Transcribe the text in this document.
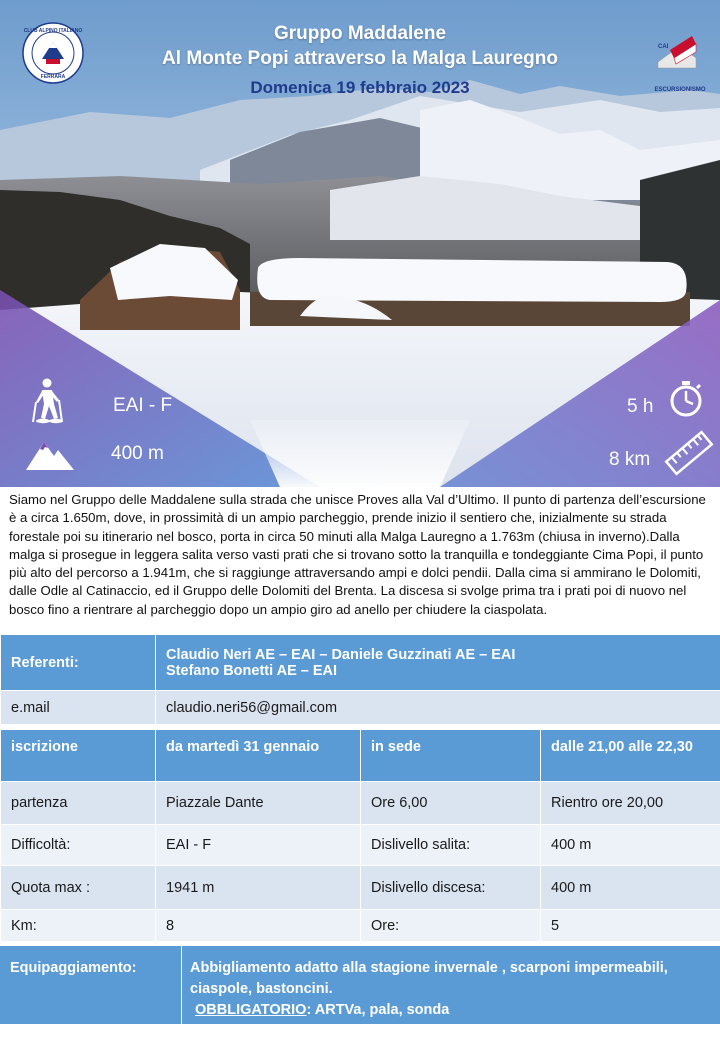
CLUB ALPINO ITALIANO
FERRARA
CAI
ESCURSIONISMO
Gruppo Maddalene
Al Monte Popi attraverso la Malga Lauregno
Domenica 19 febbraio 2023
EAI - F
400 m
5 h
8 km
Siamo nel Gruppo delle Maddalene sulla strada che unisce Proves alla Val d’Ultimo. Il punto di partenza dell’escursione è a circa 1.650m, dove, in prossimità di un ampio parcheggio, prende inizio il sentiero che, inizialmente su strada forestale poi su itinerario nel bosco, porta in circa 50 minuti alla Malga Lauregno a 1.763m (chiusa in inverno).Dalla malga si prosegue in leggera salita verso vasti prati che si trovano sotto la tranquilla e tondeggiante Cima Popi, il punto più alto del percorso a 1.941m, che si raggiunge attraversando ampi e dolci pendii. Dalla cima si ammirano le Dolomiti, dalle Odle al Catinaccio, ed il Gruppo delle Dolomiti del Brenta. La discesa si svolge prima tra i prati poi di nuovo nel bosco fino a rientrare al parcheggio dopo un ampio giro ad anello per chiudere la ciaspolata.
Referenti:	Claudio Neri AE – EAI – Daniele Guzzinati AE – EAI
Stefano Bonetti AE – EAI

e.mail	claudio.neri56@gmail.com
iscrizione	da martedì 31 gennaio	in sede	dalle 21,00 alle 22,30
partenza	Piazzale Dante	Ore 6,00	Rientro ore 20,00
Difficoltà:	EAI - F	Dislivello salita:	400 m
Quota max :	1941 m	Dislivello discesa:	400 m
Km:	8	Ore:	5
Equipaggiamento:	Abbigliamento adatto alla stagione invernale , scarponi impermeabili, ciaspole, bastoncini.
OBBLIGATORIO: ARTVa, pala, sonda
